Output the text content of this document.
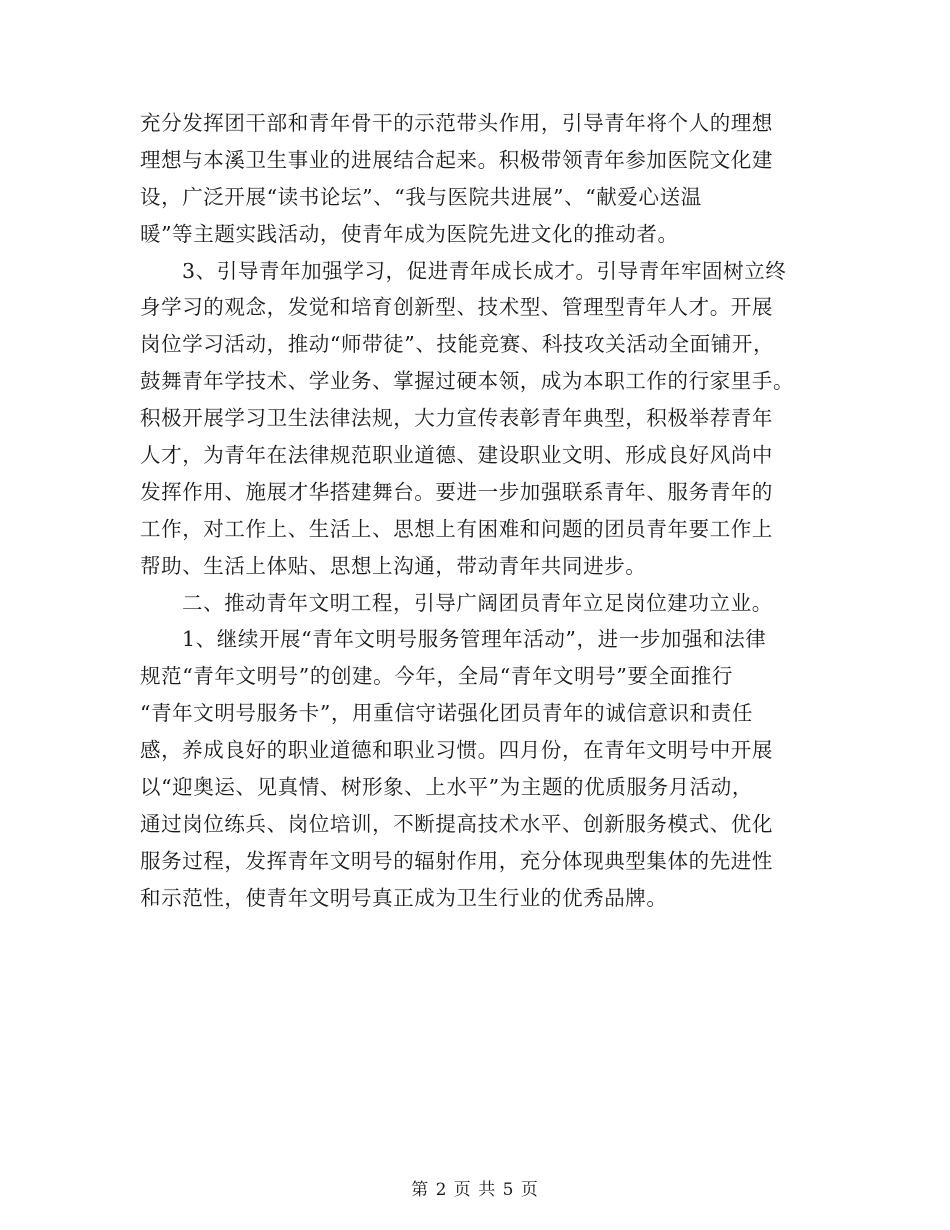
充分发挥团干部和青年骨干的示范带头作用，引导青年将个人的理想
理想与本溪卫生事业的进展结合起来。积极带领青年参加医院文化建
设，广泛开展“读书论坛”、“我与医院共进展”、“献爱心送温
暖”等主题实践活动，使青年成为医院先进文化的推动者。
3、引导青年加强学习，促进青年成长成才。引导青年牢固树立终
身学习的观念，发觉和培育创新型、技术型、管理型青年人才。开展
岗位学习活动，推动“师带徒”、技能竞赛、科技攻关活动全面铺开，
鼓舞青年学技术、学业务、掌握过硬本领，成为本职工作的行家里手。
积极开展学习卫生法律法规，大力宣传表彰青年典型，积极举荐青年
人才，为青年在法律规范职业道德、建设职业文明、形成良好风尚中
发挥作用、施展才华搭建舞台。要进一步加强联系青年、服务青年的
工作，对工作上、生活上、思想上有困难和问题的团员青年要工作上
帮助、生活上体贴、思想上沟通，带动青年共同进步。
二、推动青年文明工程，引导广阔团员青年立足岗位建功立业。
1、继续开展“青年文明号服务管理年活动”，进一步加强和法律
规范“青年文明号”的创建。今年，全局“青年文明号”要全面推行
“青年文明号服务卡”，用重信守诺强化团员青年的诚信意识和责任
感，养成良好的职业道德和职业习惯。四月份，在青年文明号中开展
以“迎奥运、见真情、树形象、上水平”为主题的优质服务月活动，
通过岗位练兵、岗位培训，不断提高技术水平、创新服务模式、优化
服务过程，发挥青年文明号的辐射作用，充分体现典型集体的先进性
和示范性，使青年文明号真正成为卫生行业的优秀品牌。
第 2 页 共 5 页
